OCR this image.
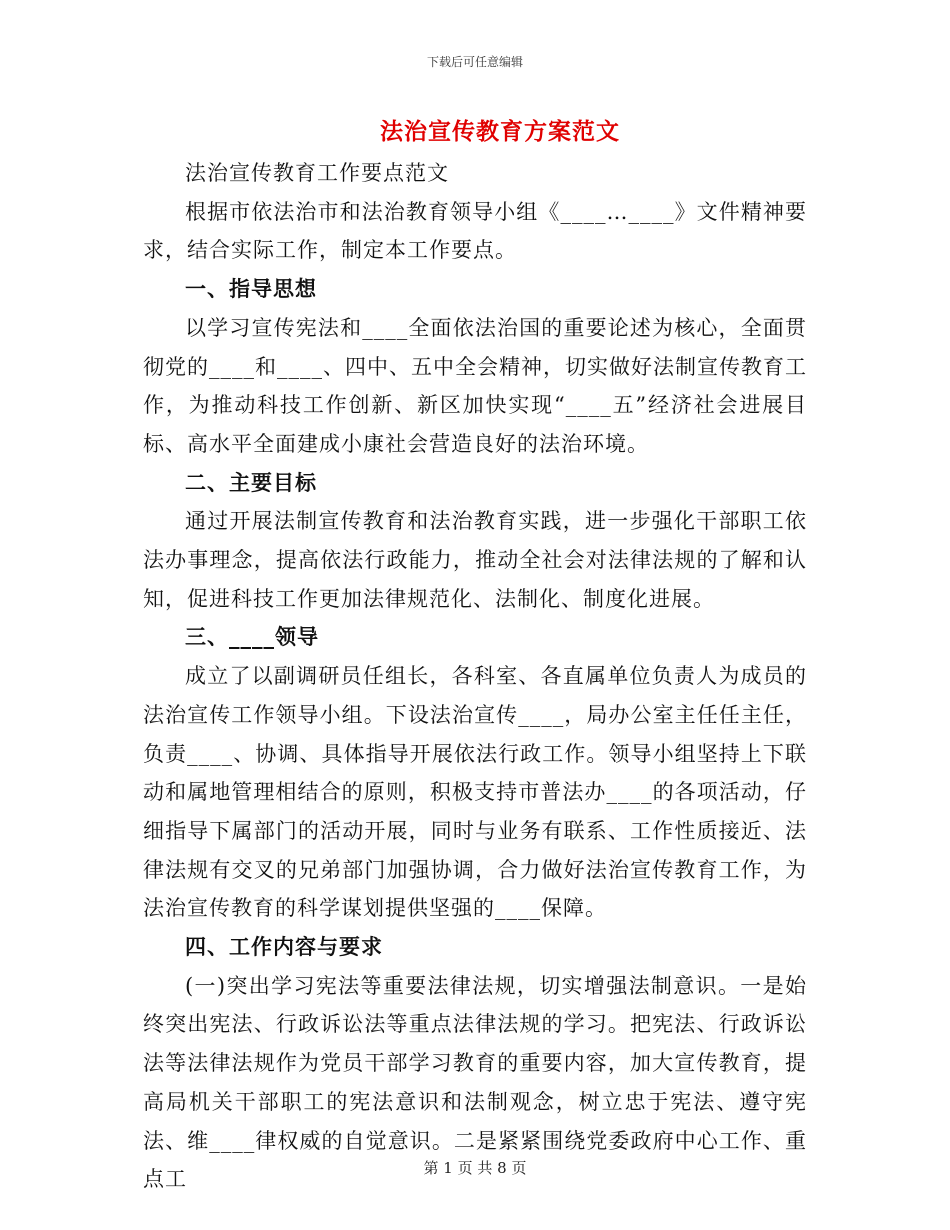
下载后可任意编辑
法治宣传教育方案范文

法治宣传教育工作要点范文

根据市依法治市和法治教育领导小组《____…____》文件精神要求，结合实际工作，制定本工作要点。

一、指导思想

以学习宣传宪法和____全面依法治国的重要论述为核心，全面贯彻党的____和____、四中、五中全会精神，切实做好法制宣传教育工作，为推动科技工作创新、新区加快实现“____五”经济社会进展目标、高水平全面建成小康社会营造良好的法治环境。

二、主要目标

通过开展法制宣传教育和法治教育实践，进一步强化干部职工依法办事理念，提高依法行政能力，推动全社会对法律法规的了解和认知，促进科技工作更加法律规范化、法制化、制度化进展。

三、____领导

成立了以副调研员任组长，各科室、各直属单位负责人为成员的法治宣传工作领导小组。下设法治宣传____，局办公室主任任主任，负责____、协调、具体指导开展依法行政工作。领导小组坚持上下联动和属地管理相结合的原则，积极支持市普法办____的各项活动，仔细指导下属部门的活动开展，同时与业务有联系、工作性质接近、法律法规有交叉的兄弟部门加强协调，合力做好法治宣传教育工作，为法治宣传教育的科学谋划提供坚强的____保障。

四、工作内容与要求

(一)突出学习宪法等重要法律法规，切实增强法制意识。一是始终突出宪法、行政诉讼法等重点法律法规的学习。把宪法、行政诉讼法等法律法规作为党员干部学习教育的重要内容，加大宣传教育，提高局机关干部职工的宪法意识和法制观念，树立忠于宪法、遵守宪法、维____律权威的自觉意识。二是紧紧围绕党委政府中心工作、重点工	第 1 页 共 8 页
